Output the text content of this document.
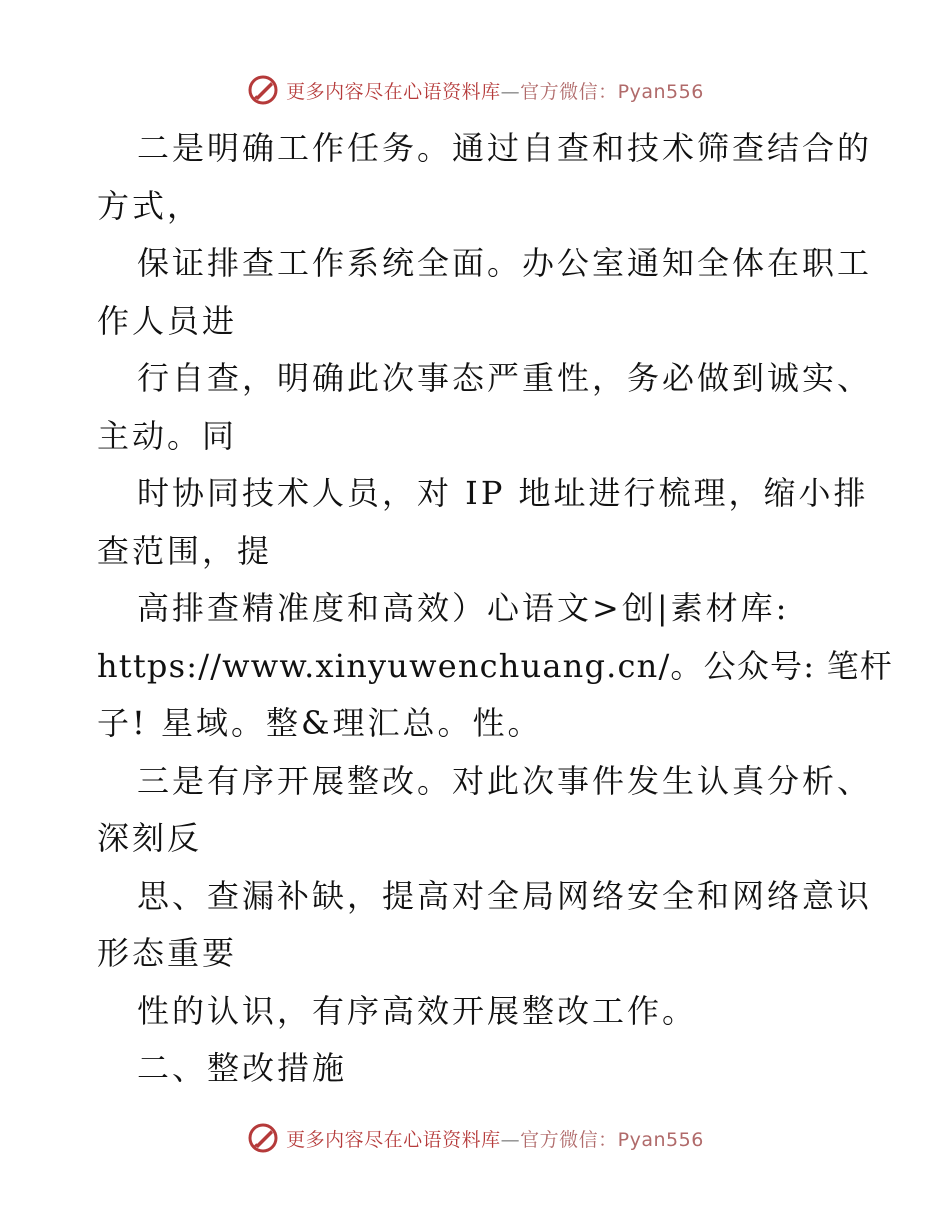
更多内容尽在心语资料库—官方微信：Pyan556
二是明确工作任务。通过自查和技术筛查结合的
方式，
保证排查工作系统全面。办公室通知全体在职工
作人员进
行自查，明确此次事态严重性，务必做到诚实、
主动。同
时协同技术人员，对 IP 地址进行梳理，缩小排
查范围，提
高排查精准度和高效）心语文>创|素材库:
https://www.xinyuwenchuang.cn/。公众号: 笔杆
子! 星域。整&理汇总。性。
三是有序开展整改。对此次事件发生认真分析、
深刻反
思、查漏补缺，提高对全局网络安全和网络意识
形态重要
性的认识，有序高效开展整改工作。
二、整改措施
更多内容尽在心语资料库—官方微信：Pyan556
